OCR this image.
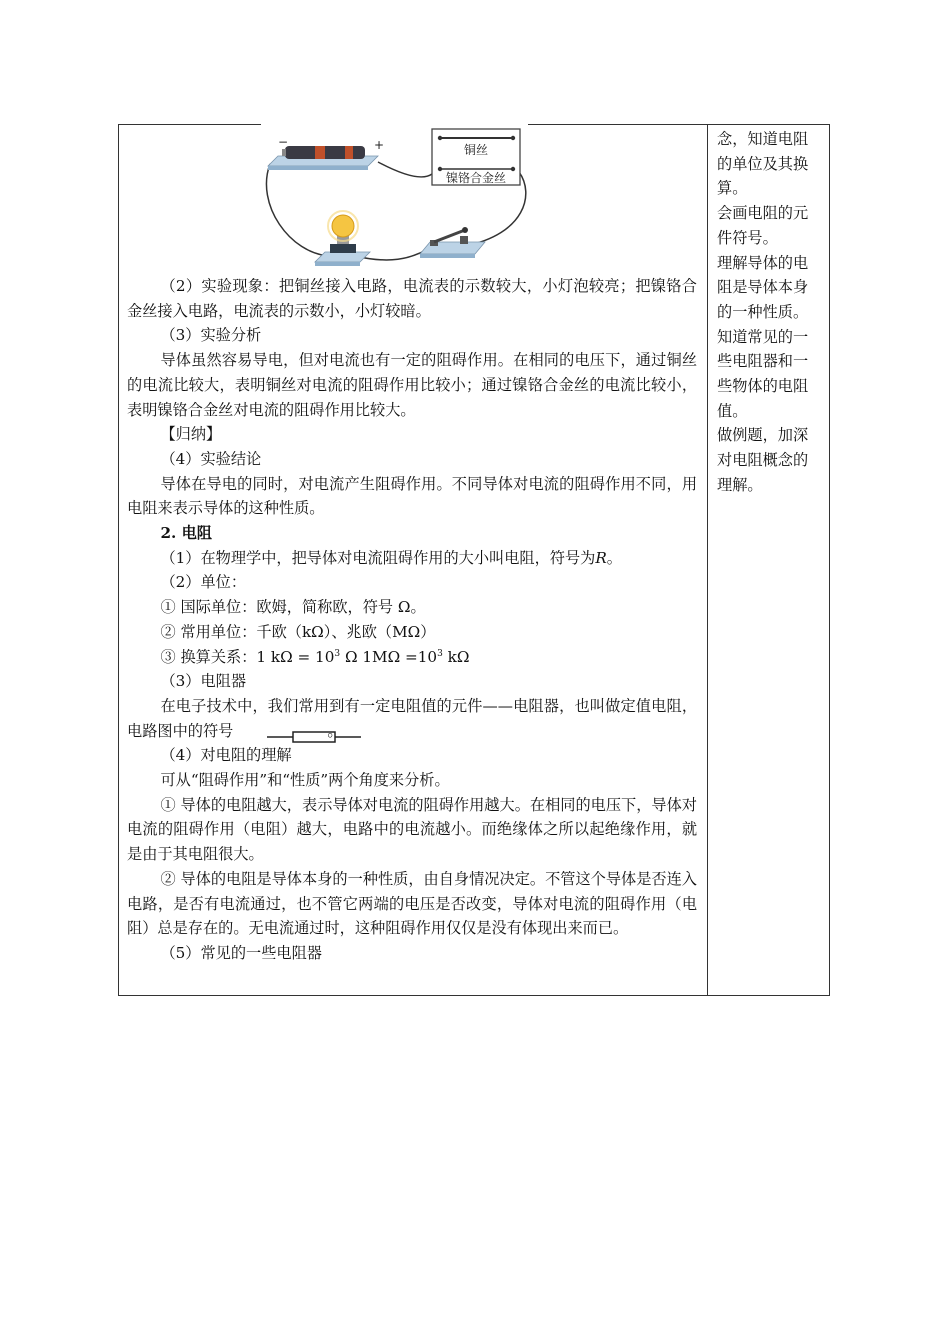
−	+	铜丝
镍铬合金丝

（2）实验现象：把铜丝接入电路，电流表的示数较大，小灯泡较亮；把镍铬合金丝接入电路，电流表的示数小，小灯较暗。

（3）实验分析

导体虽然容易导电，但对电流也有一定的阻碍作用。在相同的电压下，通过铜丝的电流比较大，表明铜丝对电流的阻碍作用比较小；通过镍铬合金丝的电流比较小，表明镍铬合金丝对电流的阻碍作用比较大。

【归纳】

（4）实验结论

导体在导电的同时，对电流产生阻碍作用。不同导体对电流的阻碍作用不同，用电阻来表示导体的这种性质。

2. 电阻

（1）在物理学中，把导体对电流阻碍作用的大小叫电阻，符号为R。

（2）单位：

① 国际单位：欧姆，简称欧，符号 Ω。

② 常用单位：千欧（kΩ）、兆欧（MΩ）

③ 换算关系：1 $k\Omega = 10^3$ Ω $1M\Omega =10^3$ kΩ

（3）电阻器

在电子技术中，我们常用到有一定电阻值的元件——电阻器，也叫做定值电阻，电路图中的符号	。

（4）对电阻的理解

可从“阻碍作用”和“性质”两个角度来分析。

① 导体的电阻越大，表示导体对电流的阻碍作用越大。在相同的电压下，导体对电流的阻碍作用（电阻）越大，电路中的电流越小。而绝缘体之所以起绝缘作用，就是由于其电阻很大。

② 导体的电阻是导体本身的一种性质，由自身情况决定。不管这个导体是否连入电路，是否有电流通过，也不管它两端的电压是否改变，导体对电流的阻碍作用（电阻）总是存在的。无电流通过时，这种阻碍作用仅仅是没有体现出来而已。

（5）常见的一些电阻器

念，知道电阻的单位及其换算。

会画电阻的元件符号。

理解导体的电阻是导体本身的一种性质。

知道常见的一些电阻器和一些物体的电阻值。

做例题，加深对电阻概念的理解。
